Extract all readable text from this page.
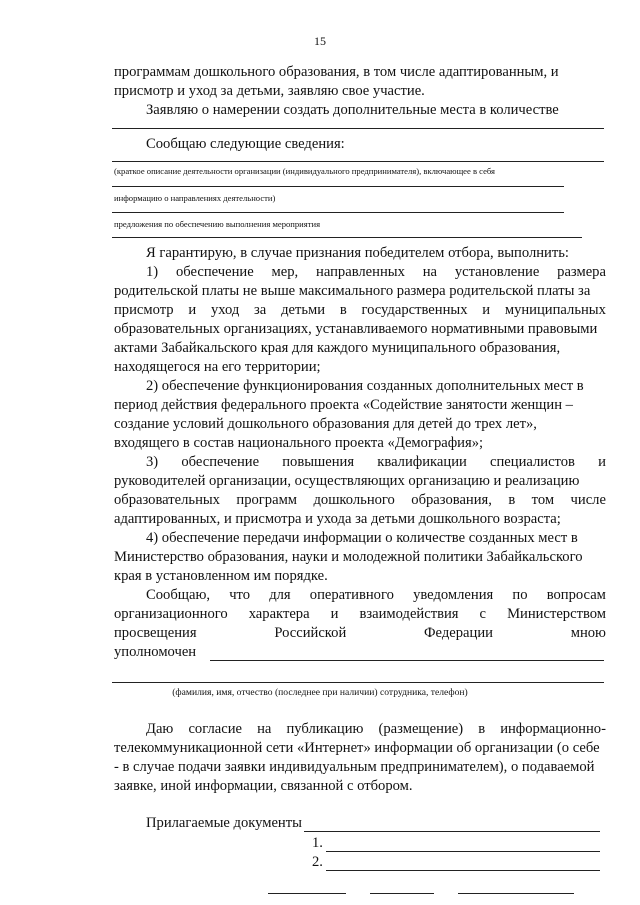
15
программам дошкольного образования, в том числе адаптированным, и
присмотр и уход за детьми, заявляю свое участие.
Заявляю о намерении создать дополнительные места в количестве
Сообщаю следующие сведения:
(краткое описание деятельности организации (индивидуального предпринимателя), включающее в себя
информацию о направлениях деятельности)
предложения по обеспечению выполнения мероприятия
Я гарантирую, в случае признания победителем отбора, выполнить:
1) обеспечение мер, направленных на установление размера
родительской платы не выше максимального размера родительской платы за
присмотр и уход за детьми в государственных и муниципальных
образовательных организациях, устанавливаемого нормативными правовыми
актами Забайкальского края для каждого муниципального образования,
находящегося на его территории;
2) обеспечение функционирования созданных дополнительных мест в
период действия федерального проекта «Содействие занятости женщин –
создание условий дошкольного образования для детей до трех лет»,
входящего в состав национального проекта «Демография»;
3) обеспечение повышения квалификации специалистов и
руководителей организации, осуществляющих организацию и реализацию
образовательных программ дошкольного образования, в том числе
адаптированных, и присмотра и ухода за детьми дошкольного возраста;
4) обеспечение передачи информации о количестве созданных мест в
Министерство образования, науки и молодежной политики Забайкальского
края в установленном им порядке.
Сообщаю, что для оперативного уведомления по вопросам
организационного характера и взаимодействия с Министерством
просвещения	Российской	Федерации	мною
уполномочен
(фамилия, имя, отчество (последнее при наличии) сотрудника, телефон)
Даю согласие на публикацию (размещение) в информационно-
телекоммуникационной сети «Интернет» информации об организации (о себе
- в случае подачи заявки индивидуальным предпринимателем), о подаваемой
заявке, иной информации, связанной с отбором.
Прилагаемые документы
1.
2.
